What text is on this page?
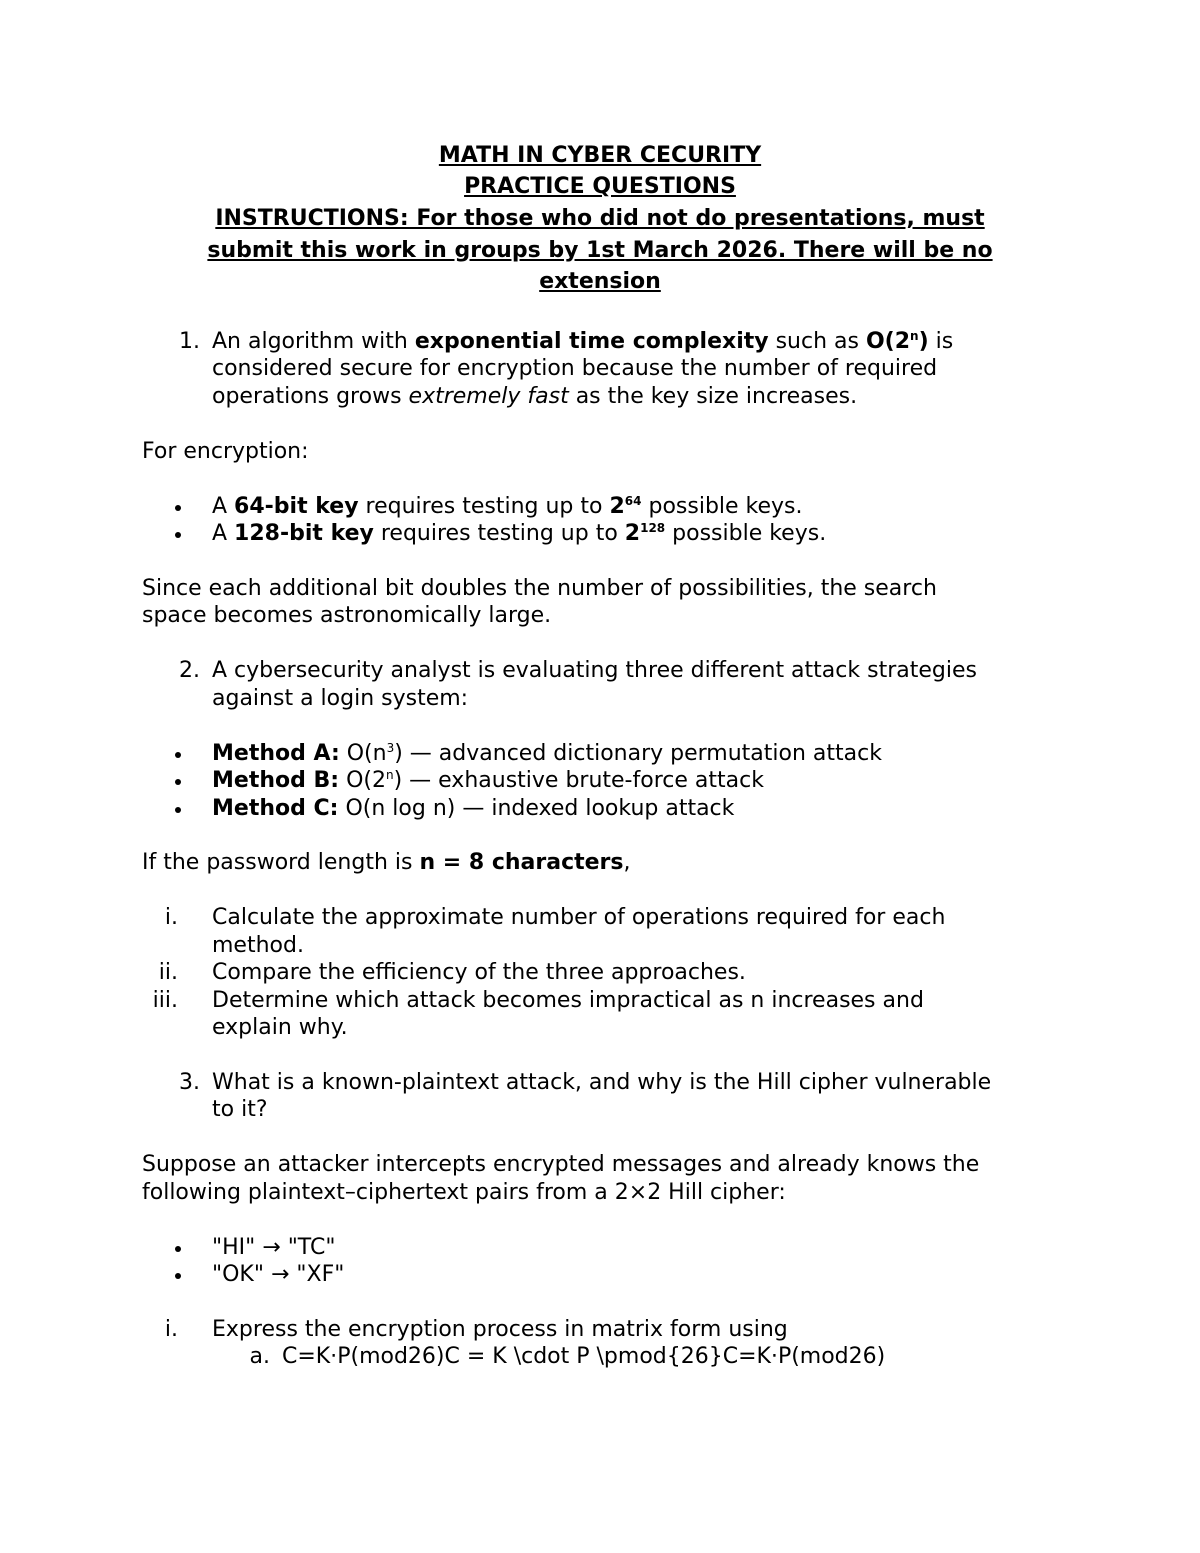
MATH IN CYBER CECURITY
PRACTICE QUESTIONS
INSTRUCTIONS: For those who did not do presentations, must
submit this work in groups by 1st March 2026. There will be no
extension
1. An algorithm with exponential time complexity such as O(2$^n$) is
considered secure for encryption because the number of required
operations grows extremely fast as the key size increases.
For encryption:
A 64-bit key requires testing up to $2^{64}$ possible keys.
A 128-bit key requires testing up to $2^{128}$ possible keys.
Since each additional bit doubles the number of possibilities, the search
space becomes astronomically large.
2. A cybersecurity analyst is evaluating three different attack strategies
against a login system:
Method A: $O(n^3)$ — advanced dictionary permutation attack
Method B: O(2$^n$) — exhaustive brute-force attack
Method C: O(n log n) — indexed lookup attack
If the password length is n = 8 characters,
i. Calculate the approximate number of operations required for each
method.
ii. Compare the efficiency of the three approaches.
iii. Determine which attack becomes impractical as n increases and
explain why.
3. What is a known-plaintext attack, and why is the Hill cipher vulnerable
to it?
Suppose an attacker intercepts encrypted messages and already knows the
following plaintext–ciphertext pairs from a 2×2 Hill cipher:
"HI" → "TC"
"OK" → "XF"
i. Express the encryption process in matrix form using
a. C=K⋅P(mod26)C = K \cdot P \pmod{26}C=K⋅P(mod26)
